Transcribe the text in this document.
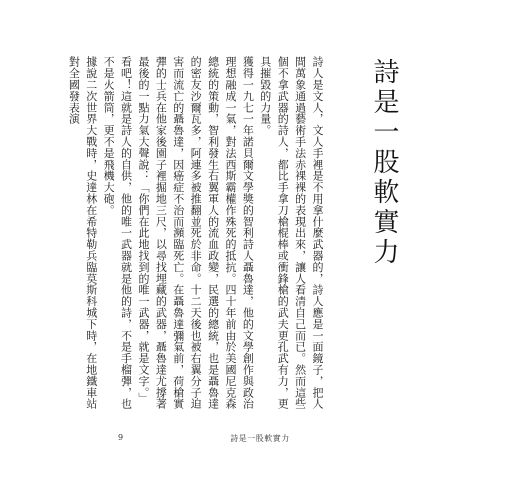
詩是一股軟實力

詩人是文人，文人手裡是不用拿什麼武器的，詩人應是一面鏡子，把人間萬象通過藝術手法赤裸裸的表現出來，讓人看清自己而已。然而這些個不拿武器的詩人，都比手拿刀槍棍棒或衝鋒槍的武夫更孔武有力，更具摧毀的力量。

獲得一九七一年諾貝爾文學獎的智利詩人聶魯達，他的文學創作與政治理想融成一氣，對法西斯霸權作殊死的抵抗。四十年前由於美國尼克森總統的策動，智利發生右翼軍人的流血政變，民選的總統，也是聶魯達的密友沙爾瓦多，阿連多被推翻並死於非命。十二天後也被右翼分子迫害而流亡的聶魯達，因癌症不治而瀕臨死亡。在聶魯達彌氣前，荷槍實彈的士兵在他家後園子裡掘地三尺，以尋找埋藏的武器，聶魯達尤撐著最後的一點力氣大聲說：「你們在此地找到的唯一武器，就是文字。」

看吧！這就是詩人的自供，他的唯一武器就是他的詩，不是手榴彈，也不是火箭筒，更不是飛機大砲。

據說二次世界大戰時，史達林在希特勒兵臨莫斯科城下時，在地鐵車站對全國發表演

9	詩是一股軟實力
